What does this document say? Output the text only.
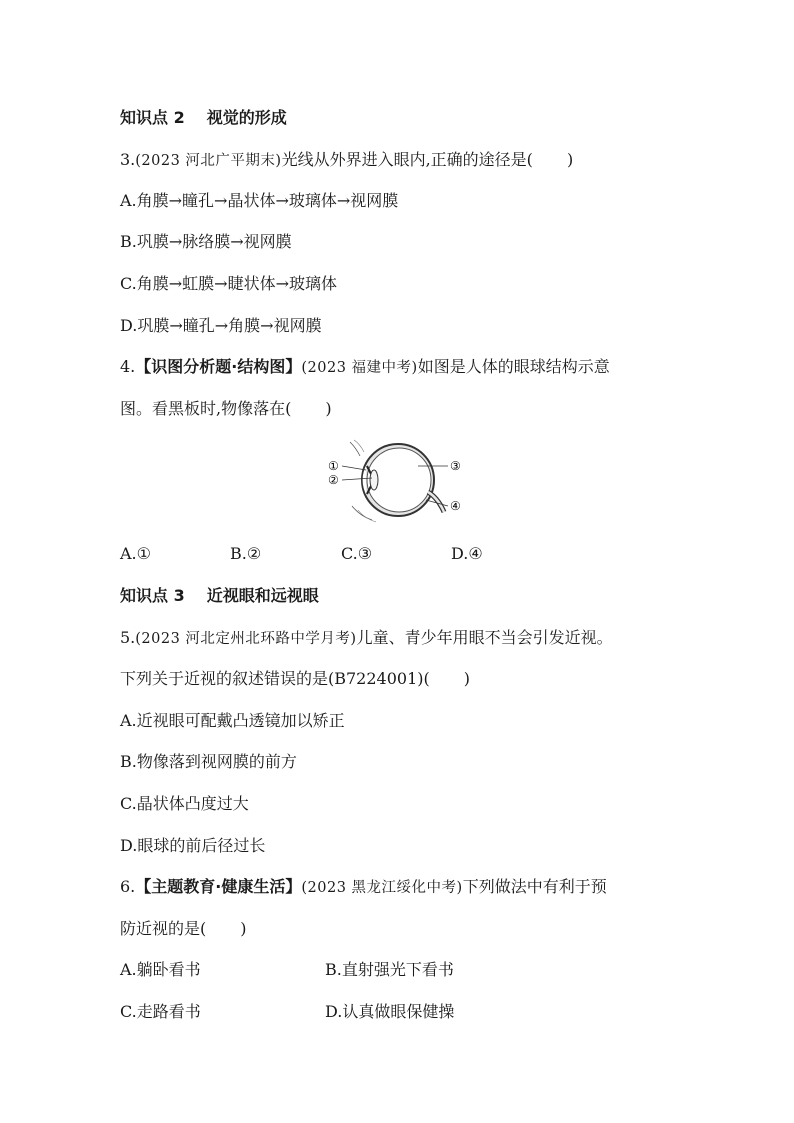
知识点 2 视觉的形成
3.(2023 河北广平期末)光线从外界进入眼内,正确的途径是( )
A.角膜→瞳孔→晶状体→玻璃体→视网膜
B.巩膜→脉络膜→视网膜
C.角膜→虹膜→睫状体→玻璃体
D.巩膜→瞳孔→角膜→视网膜
4.【识图分析题·结构图】(2023 福建中考)如图是人体的眼球结构示意
图。看黑板时,物像落在( )
①
②
③
④
A.①	B.②	C.③	D.④
知识点 3 近视眼和远视眼
5.(2023 河北定州北环路中学月考)儿童、青少年用眼不当会引发近视。
下列关于近视的叙述错误的是(B7224001)( )
A.近视眼可配戴凸透镜加以矫正
B.物像落到视网膜的前方
C.晶状体凸度过大
D.眼球的前后径过长
6.【主题教育·健康生活】(2023 黑龙江绥化中考)下列做法中有利于预
防近视的是( )
A.躺卧看书	B.直射强光下看书
C.走路看书	D.认真做眼保健操
